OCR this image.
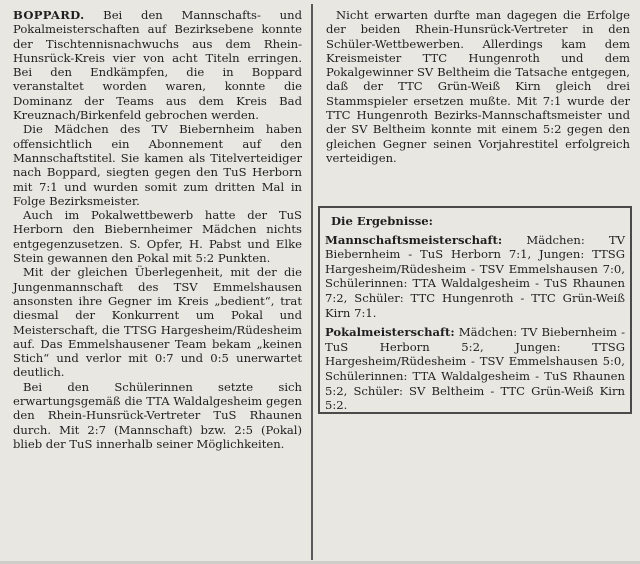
BOPPARD. Bei den Mannschafts- und Pokalmeisterschaften auf Bezirksebene konnte der Tischtennisnachwuchs aus dem Rhein-Hunsrück-Kreis vier von acht Titeln erringen. Bei den Endkämpfen, die in Boppard veranstaltet worden waren, konnte die Dominanz der Teams aus dem Kreis Bad Kreuznach/Birkenfeld gebrochen werden.

Die Mädchen des TV Biebernheim haben offensichtlich ein Abonnement auf den Mannschaftstitel. Sie kamen als Titelverteidiger nach Boppard, siegten gegen den TuS Herborn mit 7:1 und wurden somit zum dritten Mal in Folge Bezirksmeister.

Auch im Pokalwettbewerb hatte der TuS Herborn den Biebernheimer Mädchen nichts entgegenzusetzen. S. Opfer, H. Pabst und Elke Stein gewannen den Pokal mit 5:2 Punkten.

Mit der gleichen Überlegenheit, mit der die Jungenmannschaft des TSV Emmelshausen ansonsten ihre Gegner im Kreis „bedient“, trat diesmal der Konkurrent um Pokal und Meisterschaft, die TTSG Hargesheim/Rüdesheim auf. Das Emmelshausener Team bekam „keinen Stich“ und verlor mit 0:7 und 0:5 unerwartet deutlich.

Bei den Schülerinnen setzte sich erwartungsgemäß die TTA Waldalgesheim gegen den Rhein-Hunsrück-Vertreter TuS Rhaunen durch. Mit 2:7 (Mannschaft) bzw. 2:5 (Pokal) blieb der TuS innerhalb seiner Möglichkeiten.

Nicht erwarten durfte man dagegen die Erfolge der beiden Rhein-Hunsrück-Vertreter in den Schüler-Wettbewerben. Allerdings kam dem Kreismeister TTC Hungenroth und dem Pokalgewinner SV Beltheim die Tatsache entgegen, daß der TTC Grün-Weiß Kirn gleich drei Stammspieler ersetzen mußte. Mit 7:1 wurde der TTC Hungenroth Bezirks-Mannschaftsmeister und der SV Beltheim konnte mit einem 5:2 gegen den gleichen Gegner seinen Vorjahrestitel erfolgreich verteidigen.

Die Ergebnisse:

Mannschaftsmeisterschaft: Mädchen: TV Biebernheim - TuS Herborn 7:1, Jungen: TTSG Hargesheim/Rüdesheim - TSV Emmelshausen 7:0, Schülerinnen: TTA Waldalgesheim - TuS Rhaunen 7:2, Schüler: TTC Hungenroth - TTC Grün-Weiß Kirn 7:1.

Pokalmeisterschaft: Mädchen: TV Biebernheim - TuS Herborn 5:2, Jungen: TTSG Hargesheim/Rüdesheim - TSV Emmelshausen 5:0, Schülerinnen: TTA Waldalgesheim - TuS Rhaunen 5:2, Schüler: SV Beltheim - TTC Grün-Weiß Kirn 5:2.
